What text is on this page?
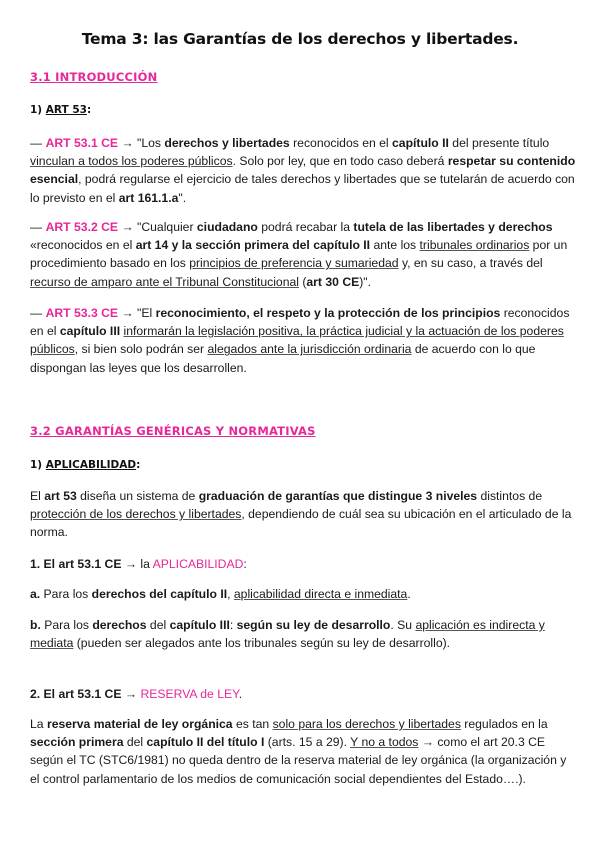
Tema 3: las Garantías de los derechos y libertades.
3.1 INTRODUCCIÓN
1) ART 53:
— ART 53.1 CE → "Los derechos y libertades reconocidos en el capítulo II del presente título vinculan a todos los poderes públicos. Solo por ley, que en todo caso deberá respetar su contenido esencial, podrá regularse el ejercicio de tales derechos y libertades que se tutelarán de acuerdo con lo previsto en el art 161.1.a".
— ART 53.2 CE → "Cualquier ciudadano podrá recabar la tutela de las libertades y derechos «reconocidos en el art 14 y la sección primera del capítulo II ante los tribunales ordinarios por un procedimiento basado en los principios de preferencia y sumariedad y, en su caso, a través del recurso de amparo ante el Tribunal Constitucional (art 30 CE)".
— ART 53.3 CE → "El reconocimiento, el respeto y la protección de los principios reconocidos en el capítulo III informarán la legislación positiva, la práctica judicial y la actuación de los poderes públicos, si bien solo podrán ser alegados ante la jurisdicción ordinaria de acuerdo con lo que dispongan las leyes que los desarrollen.
3.2 GARANTÍAS GENÉRICAS Y NORMATIVAS
1) APLICABILIDAD:
El art 53 diseña un sistema de graduación de garantías que distingue 3 niveles distintos de protección de los derechos y libertades, dependiendo de cuál sea su ubicación en el articulado de la norma.
1. El art 53.1 CE → la APLICABILIDAD:
a. Para los derechos del capítulo II, aplicabilidad directa e inmediata.
b. Para los derechos del capítulo III: según su ley de desarrollo. Su aplicación es indirecta y mediata (pueden ser alegados ante los tribunales según su ley de desarrollo).
2. El art 53.1 CE → RESERVA de LEY.
La reserva material de ley orgánica es tan solo para los derechos y libertades regulados en la sección primera del capítulo II del título I (arts. 15 a 29). Y no a todos → como el art 20.3 CE según el TC (STC6/1981) no queda dentro de la reserva material de ley orgánica (la organización y el control parlamentario de los medios de comunicación social dependientes del Estado….).
